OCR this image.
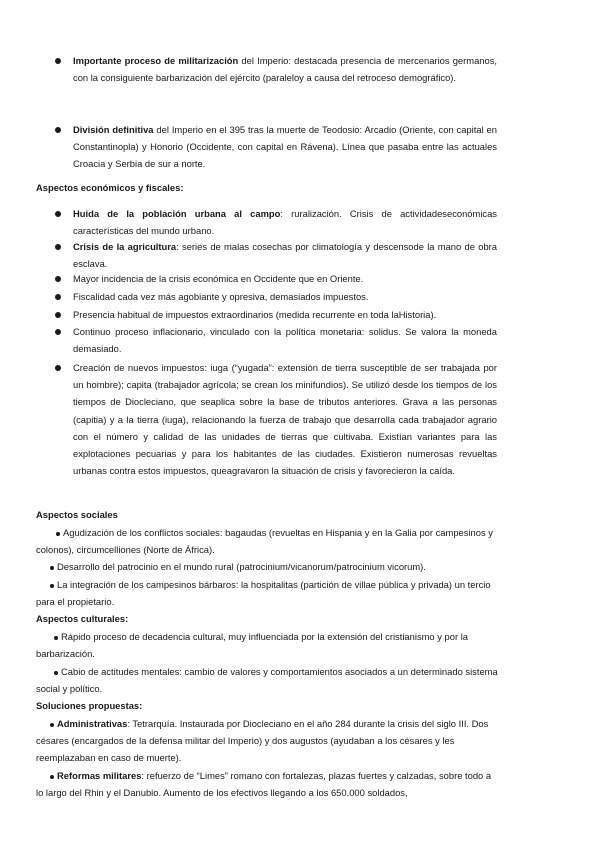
Importante proceso de militarización del Imperio: destacada presencia de mercenarios germanos, con la consiguiente barbarización del ejército (paraleloy a causa del retroceso demográfico).
División definitiva del Imperio en el 395 tras la muerte de Teodosio: Arcadio (Oriente, con capital en Constantinopla) y Honorio (Occidente, con capital en Rávena). Línea que pasaba entre las actuales Croacia y Serbia de sur a norte.
Aspectos económicos y fiscales:
Huida de la población urbana al campo: ruralización. Crisis de actividadeseconómicas características del mundo urbano.
Crisis de la agricultura: series de malas cosechas por climatología y descensode la mano de obra esclava.
Mayor incidencia de la crisis económica en Occidente que en Oriente.
Fiscalidad cada vez más agobiante y opresiva, demasiados impuestos.
Presencia habitual de impuestos extraordinarios (medida recurrente en toda laHistoria).
Continuo proceso inflacionario, vinculado con la política monetaria: solidus. Se valora la moneda demasiado.
Creación de nuevos impuestos: iuga (“yugada”: extensión de tierra susceptible de ser trabajada por un hombre); capita (trabajador agrícola; se crean los minifundios). Se utilizó desde los tiempos de los tiempos de Diocleciano, que seaplica sobre la base de tributos anteriores. Grava a las personas (capitia) y a la tierra (iuga), relacionando la fuerza de trabajo que desarrolla cada trabajador agrario con el número y calidad de las unidades de tierras que cultivaba. Existían variantes para las explotaciones pecuarias y para los habitantes de las ciudades. Existieron numerosas revueltas urbanas contra estos impuestos, queagravaron la situación de crisis y favorecieron la caída.
Aspectos sociales
Agudización de los conflictos sociales: bagaudas (revueltas en Hispania y en la Galia por campesinos y colonos), circumcelliones (Norte de África).
Desarrollo del patrocinio en el mundo rural (patrocinium/vicanorum/patrocinium vicorum).
La integración de los campesinos bárbaros: la hospitalitas (partición de villae pública y privada) un tercio para el propietario.
Aspectos culturales:
Rápido proceso de decadencia cultural, muy influenciada por la extensión del cristianismo y por la barbarización.
Cabio de actitudes mentales: cambio de valores y comportamientos asociados a un determinado sistema social y político.
Soluciones propuestas:
Administrativas: Tetrarquía. Instaurada por Diocleciano en el año 284 durante la crisis del siglo III. Dos césares (encargados de la defensa militar del Imperio) y dos augustos (ayudaban a los césares y les reemplazaban en caso de muerte).
Reformas militares: refuerzo de “Limes” romano con fortalezas, plazas fuertes y calzadas, sobre todo a lo largo del Rhin y el Danubio. Aumento de los efectivos llegando a los 650.000 soldados,
